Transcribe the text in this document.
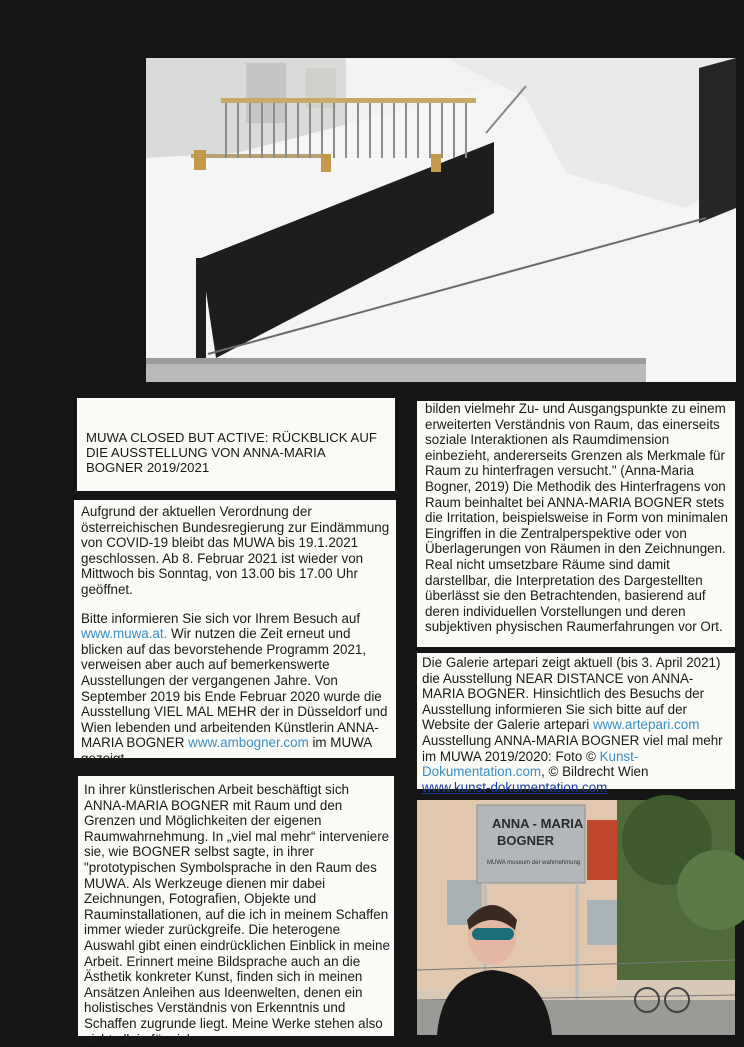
MUWA CLOSED BUT ACTIVE: RÜCKBLICK AUF
DIE AUSSTELLUNG VON ANNA-MARIA
BOGNER 2019/2021

Aufgrund der aktuellen Verordnung der österreichischen Bundesregierung zur Eindämmung von COVID-19 bleibt das MUWA bis 19.1.2021 geschlossen. Ab 8. Februar 2021 ist wieder von Mittwoch bis Sonntag, von 13.00 bis 17.00 Uhr geöffnet.

Bitte informieren Sie sich vor Ihrem Besuch auf www.muwa.at. Wir nutzen die Zeit erneut und blicken auf das bevorstehende Programm 2021, verweisen aber auch auf bemerkenswerte Ausstellungen der vergangenen Jahre. Von September 2019 bis Ende Februar 2020 wurde die Ausstellung VIEL MAL MEHR der in Düsseldorf und Wien lebenden und arbeitenden Künstlerin ANNA-MARIA BOGNER www.ambogner.com im MUWA gezeigt.

In ihrer künstlerischen Arbeit beschäftigt sich ANNA-MARIA BOGNER mit Raum und den Grenzen und Möglichkeiten der eigenen Raumwahrnehmung. In „viel mal mehr“ interveniere sie, wie BOGNER selbst sagte, in ihrer "prototypischen Symbolsprache in den Raum des MUWA. Als Werkzeuge dienen mir dabei Zeichnungen, Fotografien, Objekte und Rauminstallationen, auf die ich in meinem Schaffen immer wieder zurückgreife. Die heterogene Auswahl gibt einen eindrücklichen Einblick in meine Arbeit. Erinnert meine Bildsprache auch an die Ästhetik konkreter Kunst, finden sich in meinen Ansätzen Anleihen aus Ideenwelten, denen ein holistisches Verständnis von Erkenntnis und Schaffen zugrunde liegt. Meine Werke stehen also nicht allein für sich,
bilden vielmehr Zu- und Ausgangspunkte zu einem erweiterten Verständnis von Raum, das einerseits soziale Interaktionen als Raumdimension einbezieht, andererseits Grenzen als Merkmale für Raum zu hinterfragen versucht." (Anna-Maria Bogner, 2019) Die Methodik des Hinterfragens von Raum beinhaltet bei ANNA-MARIA BOGNER stets die Irritation, beispielsweise in Form von minimalen Eingriffen in die Zentralperspektive oder von Überlagerungen von Räumen in den Zeichnungen. Real nicht umsetzbare Räume sind damit darstellbar, die Interpretation des Dargestellten überlässt sie den Betrachtenden, basierend auf deren individuellen Vorstellungen und deren subjektiven physischen Raumerfahrungen vor Ort.
Die Galerie artepari zeigt aktuell (bis 3. April 2021) die Ausstellung NEAR DISTANCE von ANNA-MARIA BOGNER. Hinsichtlich des Besuchs der Ausstellung informieren Sie sich bitte auf der Website der Galerie artepari www.artepari.com Ausstellung ANNA-MARIA BOGNER viel mal mehr im MUWA 2019/2020: Foto © Kunst-Dokumentation.com, © Bildrecht Wien
www.kunst-dokumentation.com
ANNA - MARIA
BOGNER
MUWA museum der wahrnehmung
